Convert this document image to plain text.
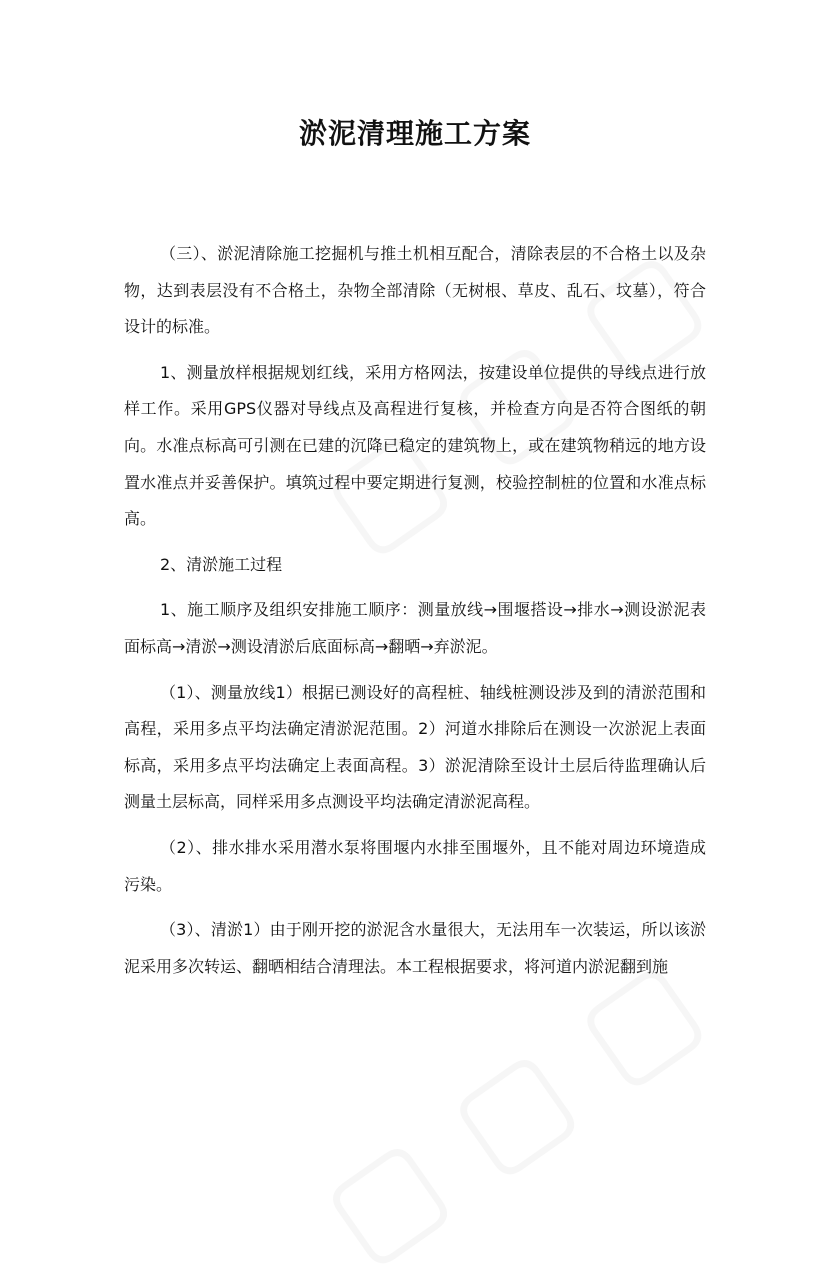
淤泥清理施工方案

（三）、淤泥清除施工挖掘机与推土机相互配合，清除表层的不合格土以及杂物，达到表层没有不合格土，杂物全部清除（无树根、草皮、乱石、坟墓），符合设计的标准。

1、测量放样根据规划红线，采用方格网法，按建设单位提供的导线点进行放样工作。采用GPS仪器对导线点及高程进行复核，并检查方向是否符合图纸的朝向。水准点标高可引测在已建的沉降已稳定的建筑物上，或在建筑物稍远的地方设置水准点并妥善保护。填筑过程中要定期进行复测，校验控制桩的位置和水准点标高。

2、清淤施工过程

1、施工顺序及组织安排施工顺序：测量放线→围堰搭设→排水→测设淤泥表面标高→清淤→测设清淤后底面标高→翻晒→弃淤泥。

（1）、测量放线1）根据已测设好的高程桩、轴线桩测设涉及到的清淤范围和高程，采用多点平均法确定清淤泥范围。2）河道水排除后在测设一次淤泥上表面标高，采用多点平均法确定上表面高程。3）淤泥清除至设计土层后待监理确认后测量土层标高，同样采用多点测设平均法确定清淤泥高程。

（2）、排水排水采用潜水泵将围堰内水排至围堰外，且不能对周边环境造成污染。

（3）、清淤1）由于刚开挖的淤泥含水量很大，无法用车一次装运，所以该淤泥采用多次转运、翻晒相结合清理法。本工程根据要求，将河道内淤泥翻到施
